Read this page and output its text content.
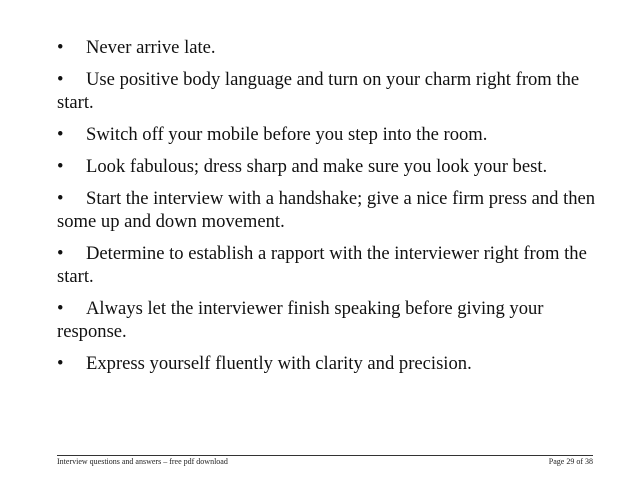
• Never arrive late.

• Use positive body language and turn on your charm right from the start.

• Switch off your mobile before you step into the room.

• Look fabulous; dress sharp and make sure you look your best.

• Start the interview with a handshake; give a nice firm press and then some up and down movement.

• Determine to establish a rapport with the interviewer right from the start.

• Always let the interviewer finish speaking before giving your response.

• Express yourself fluently with clarity and precision.

Interview questions and answers – free pdf download	Page 29 of 38
